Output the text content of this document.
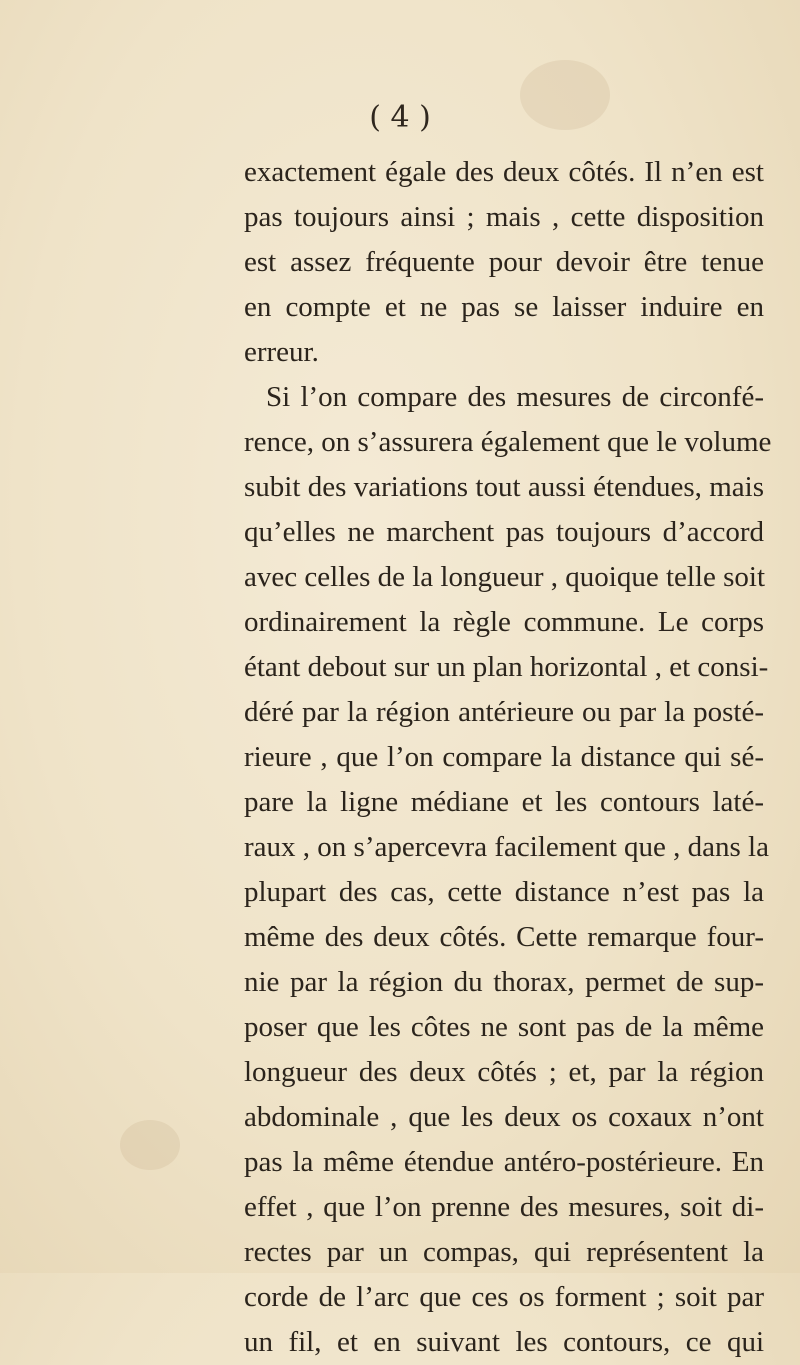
( 4 )

exactement égale des deux côtés. Il n’en est
pas toujours ainsi ; mais , cette disposition
est assez fréquente pour devoir être tenue
en compte et ne pas se laisser induire en
erreur.
Si l’on compare des mesures de circonfé-
rence, on s’assurera également que le volume
subit des variations tout aussi étendues, mais
qu’elles ne marchent pas toujours d’accord
avec celles de la longueur , quoique telle soit
ordinairement la règle commune. Le corps
étant debout sur un plan horizontal , et consi-
déré par la région antérieure ou par la posté-
rieure , que l’on compare la distance qui sé-
pare la ligne médiane et les contours laté-
raux , on s’apercevra facilement que , dans la
plupart des cas, cette distance n’est pas la
même des deux côtés. Cette remarque four-
nie par la région du thorax, permet de sup-
poser que les côtes ne sont pas de la même
longueur des deux côtés ; et, par la région
abdominale , que les deux os coxaux n’ont
pas la même étendue antéro-postérieure. En
effet , que l’on prenne des mesures, soit di-
rectes par un compas, qui représentent la
corde de l’arc que ces os forment ; soit par
un fil, et en suivant les contours, ce qui
